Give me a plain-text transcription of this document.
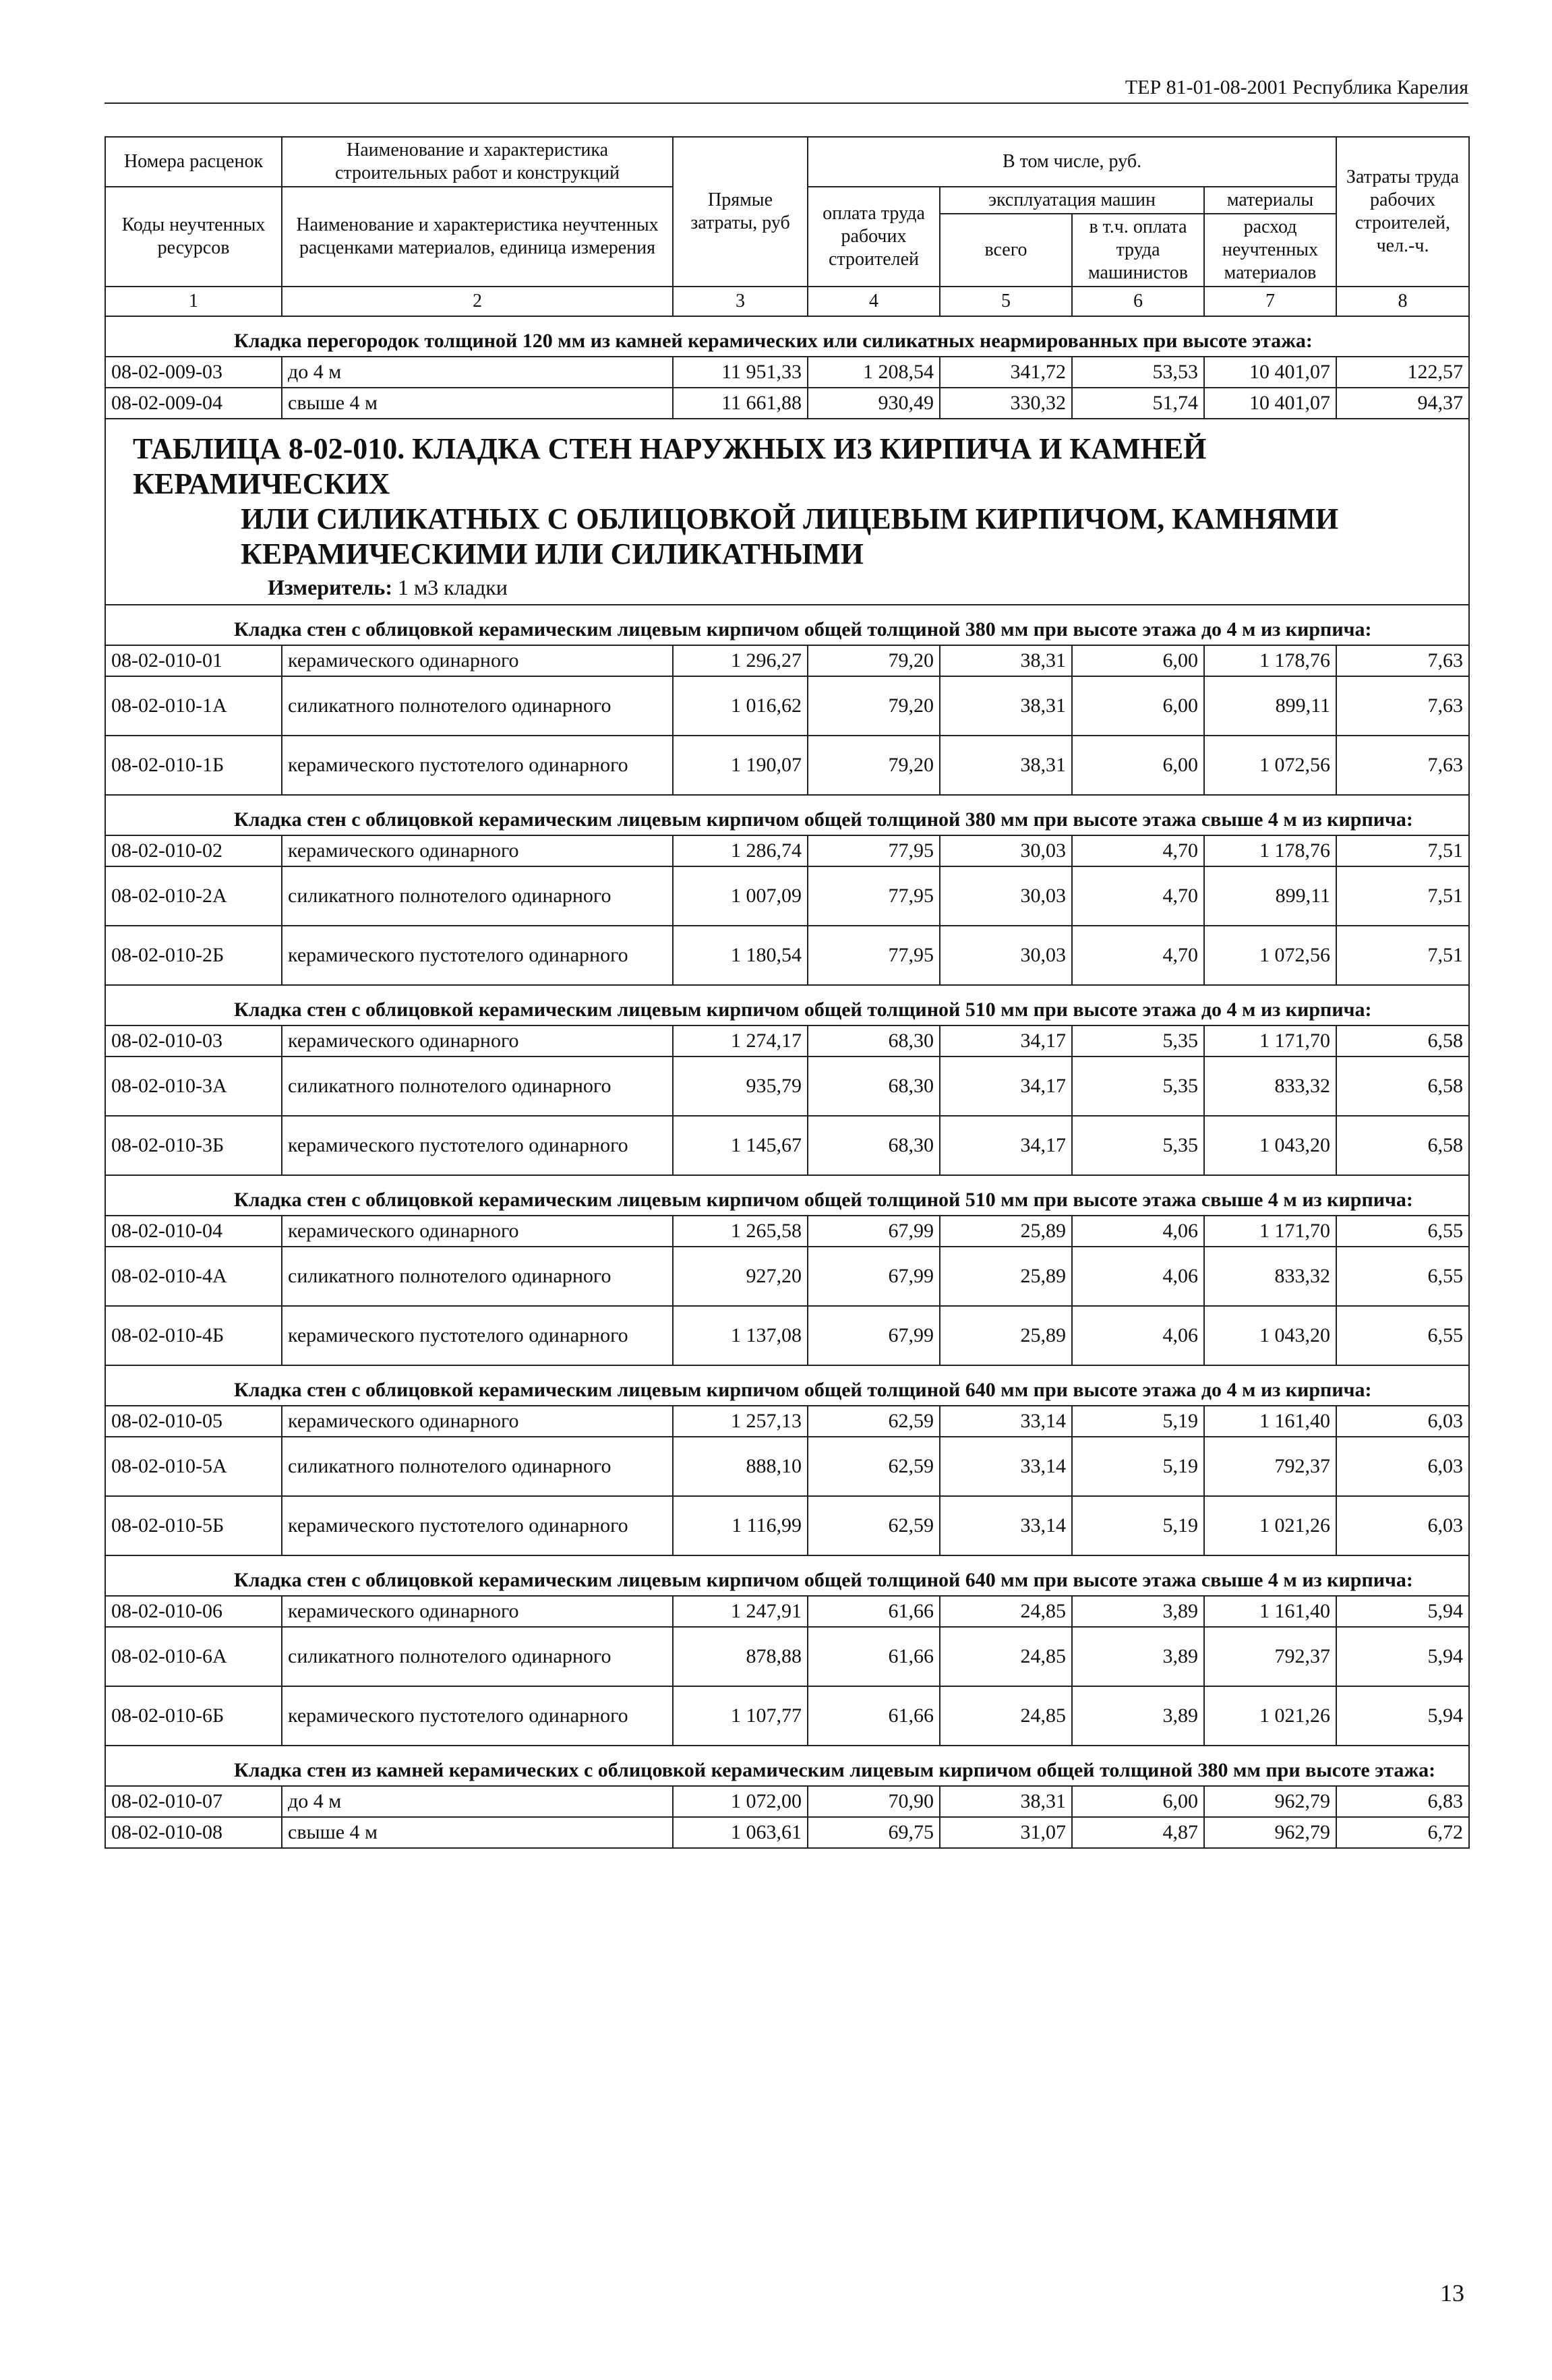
ТЕР 81-01-08-2001 Республика Карелия
Номера расценок	Наименование и характеристика строительных работ и конструкций	Прямые затраты, руб	В том числе, руб.				Затраты труда рабочих строителей, чел.-ч.
Коды неучтенных ресурсов	Наименование и характеристика неучтенных расценками материалов, единица измерения		оплата труда рабочих строителей	эксплуатация машин		материалы	
				всего	в т.ч. оплата труда машинистов	расход неучтенных материалов	
1	2	3	4	5	6	7	8
Кладка перегородок толщиной 120 мм из камней керамических или силикатных неармированных при высоте этажа:							
08-02-009-03	до 4 м	11 951,33	1 208,54	341,72	53,53	10 401,07	122,57
08-02-009-04	свыше 4 м	11 661,88	930,49	330,32	51,74	10 401,07	94,37

ТАБЛИЦА 8-02-010. КЛАДКА СТЕН НАРУЖНЫХ ИЗ КИРПИЧА И КАМНЕЙ КЕРАМИЧЕСКИХ
ИЛИ СИЛИКАТНЫХ С ОБЛИЦОВКОЙ ЛИЦЕВЫМ КИРПИЧОМ, КАМНЯМИ
КЕРАМИЧЕСКИМИ ИЛИ СИЛИКАТНЫМИ
Измеритель: 1 м3 кладки							

Кладка стен с облицовкой керамическим лицевым кирпичом общей толщиной 380 мм при высоте этажа до 4 м из кирпича:							
08-02-010-01	керамического одинарного	1 296,27	79,20	38,31	6,00	1 178,76	7,63
08-02-010-1А	силикатного полнотелого одинарного	1 016,62	79,20	38,31	6,00	899,11	7,63
08-02-010-1Б	керамического пустотелого одинарного	1 190,07	79,20	38,31	6,00	1 072,56	7,63
Кладка стен с облицовкой керамическим лицевым кирпичом общей толщиной 380 мм при высоте этажа свыше 4 м из кирпича:							
08-02-010-02	керамического одинарного	1 286,74	77,95	30,03	4,70	1 178,76	7,51
08-02-010-2А	силикатного полнотелого одинарного	1 007,09	77,95	30,03	4,70	899,11	7,51
08-02-010-2Б	керамического пустотелого одинарного	1 180,54	77,95	30,03	4,70	1 072,56	7,51
Кладка стен с облицовкой керамическим лицевым кирпичом общей толщиной 510 мм при высоте этажа до 4 м из кирпича:							
08-02-010-03	керамического одинарного	1 274,17	68,30	34,17	5,35	1 171,70	6,58
08-02-010-3А	силикатного полнотелого одинарного	935,79	68,30	34,17	5,35	833,32	6,58
08-02-010-3Б	керамического пустотелого одинарного	1 145,67	68,30	34,17	5,35	1 043,20	6,58
Кладка стен с облицовкой керамическим лицевым кирпичом общей толщиной 510 мм при высоте этажа свыше 4 м из кирпича:							
08-02-010-04	керамического одинарного	1 265,58	67,99	25,89	4,06	1 171,70	6,55
08-02-010-4А	силикатного полнотелого одинарного	927,20	67,99	25,89	4,06	833,32	6,55
08-02-010-4Б	керамического пустотелого одинарного	1 137,08	67,99	25,89	4,06	1 043,20	6,55
Кладка стен с облицовкой керамическим лицевым кирпичом общей толщиной 640 мм при высоте этажа до 4 м из кирпича:							
08-02-010-05	керамического одинарного	1 257,13	62,59	33,14	5,19	1 161,40	6,03
08-02-010-5А	силикатного полнотелого одинарного	888,10	62,59	33,14	5,19	792,37	6,03
08-02-010-5Б	керамического пустотелого одинарного	1 116,99	62,59	33,14	5,19	1 021,26	6,03
Кладка стен с облицовкой керамическим лицевым кирпичом общей толщиной 640 мм при высоте этажа свыше 4 м из кирпича:							
08-02-010-06	керамического одинарного	1 247,91	61,66	24,85	3,89	1 161,40	5,94
08-02-010-6А	силикатного полнотелого одинарного	878,88	61,66	24,85	3,89	792,37	5,94
08-02-010-6Б	керамического пустотелого одинарного	1 107,77	61,66	24,85	3,89	1 021,26	5,94
Кладка стен из камней керамических с облицовкой керамическим лицевым кирпичом общей толщиной 380 мм при высоте этажа:							
08-02-010-07	до 4 м	1 072,00	70,90	38,31	6,00	962,79	6,83
08-02-010-08	свыше 4 м	1 063,61	69,75	31,07	4,87	962,79	6,72
13
